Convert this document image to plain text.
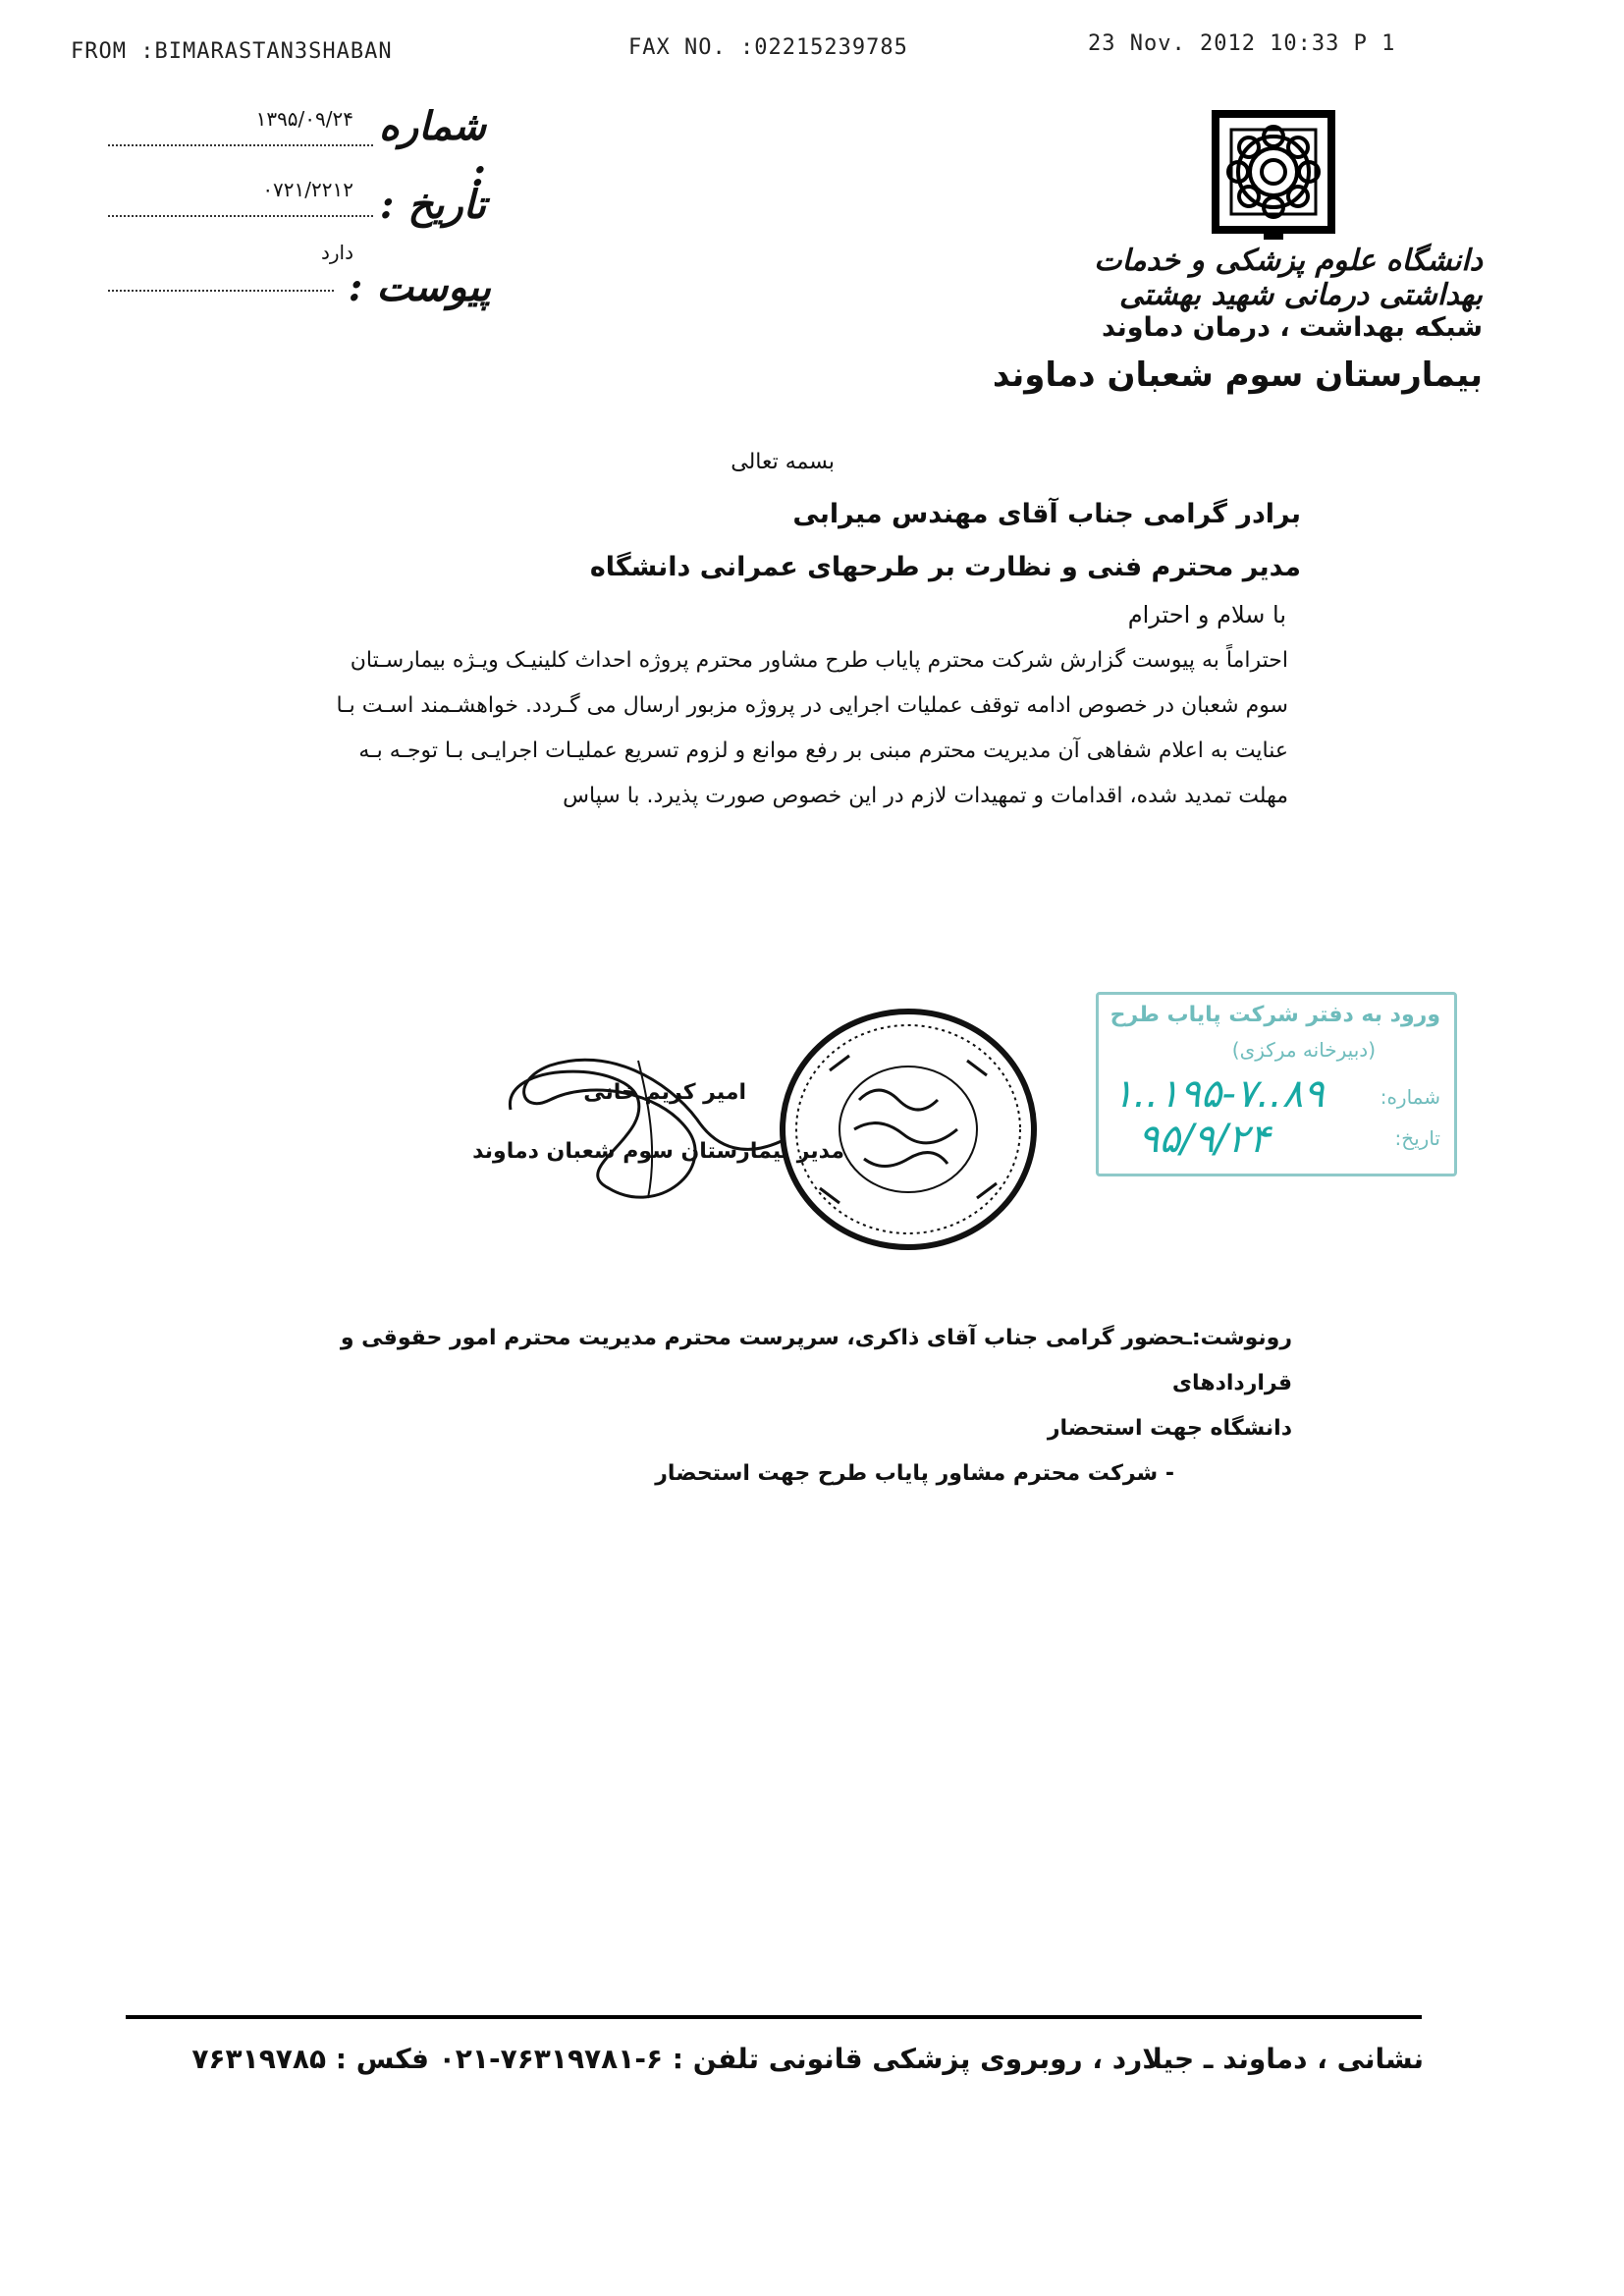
FROM :BIMARASTAN3SHABAN	FAX NO. :02215239785	23 Nov. 2012 10:33 P 1
۱۳۹۵/۰۹/۲۴ شماره :
۰۷۲۱/۲۲۱۲ تاریخ :
دارد
پیوست :
دانشگاه علوم پزشکی و خدمات بهداشتی درمانی شهید بهشتی
شبکه بهداشت ، درمان دماوند
بیمارستان سوم شعبان دماوند
بسمه تعالی
برادر گرامی جناب آقای مهندس میرابی
مدیر محترم فنی و نظارت بر طرحهای عمرانی دانشگاه
با سلام و احترام
احتراماً به پیوست گزارش شرکت محترم پایاب طرح مشاور محترم پروژه احداث کلینیـک ویـژه بیمارسـتان
سوم شعبان در خصوص ادامه توقف عملیات اجرایی در پروژه مزبور ارسال می گـردد. خواهشـمند اسـت بـا
عنایت به اعلام شفاهی آن مدیریت محترم مبنی بر رفع موانع و لزوم تسریع عملیـات اجرایـی بـا توجـه بـه
مهلت تمدید شده، اقدامات و تمهیدات لازم در این خصوص صورت پذیرد. با سپاس
امیر کریم خانی
مدیر بیمارستان سوم شعبان دماوند
ورود به دفتر شرکت پایاب طرح
(دبیرخانه مرکزی)
شماره:
۱..۱۹۵-۷..۸۹
تاریخ:
۹۵/۹/۲۴
رونوشت:ـحضور گرامی جناب آقای ذاکری، سرپرست محترم مدیریت محترم امور حقوقی و قراردادهای
دانشگاه جهت استحضار
- شرکت محترم مشاور پایاب طرح جهت استحضار
نشانی ، دماوند ـ جیلارد ، روبروی پزشکی قانونی تلفن : ۶-۷۶۳۱۹۷۸۱-۰۲۱ فکس : ۷۶۳۱۹۷۸۵
